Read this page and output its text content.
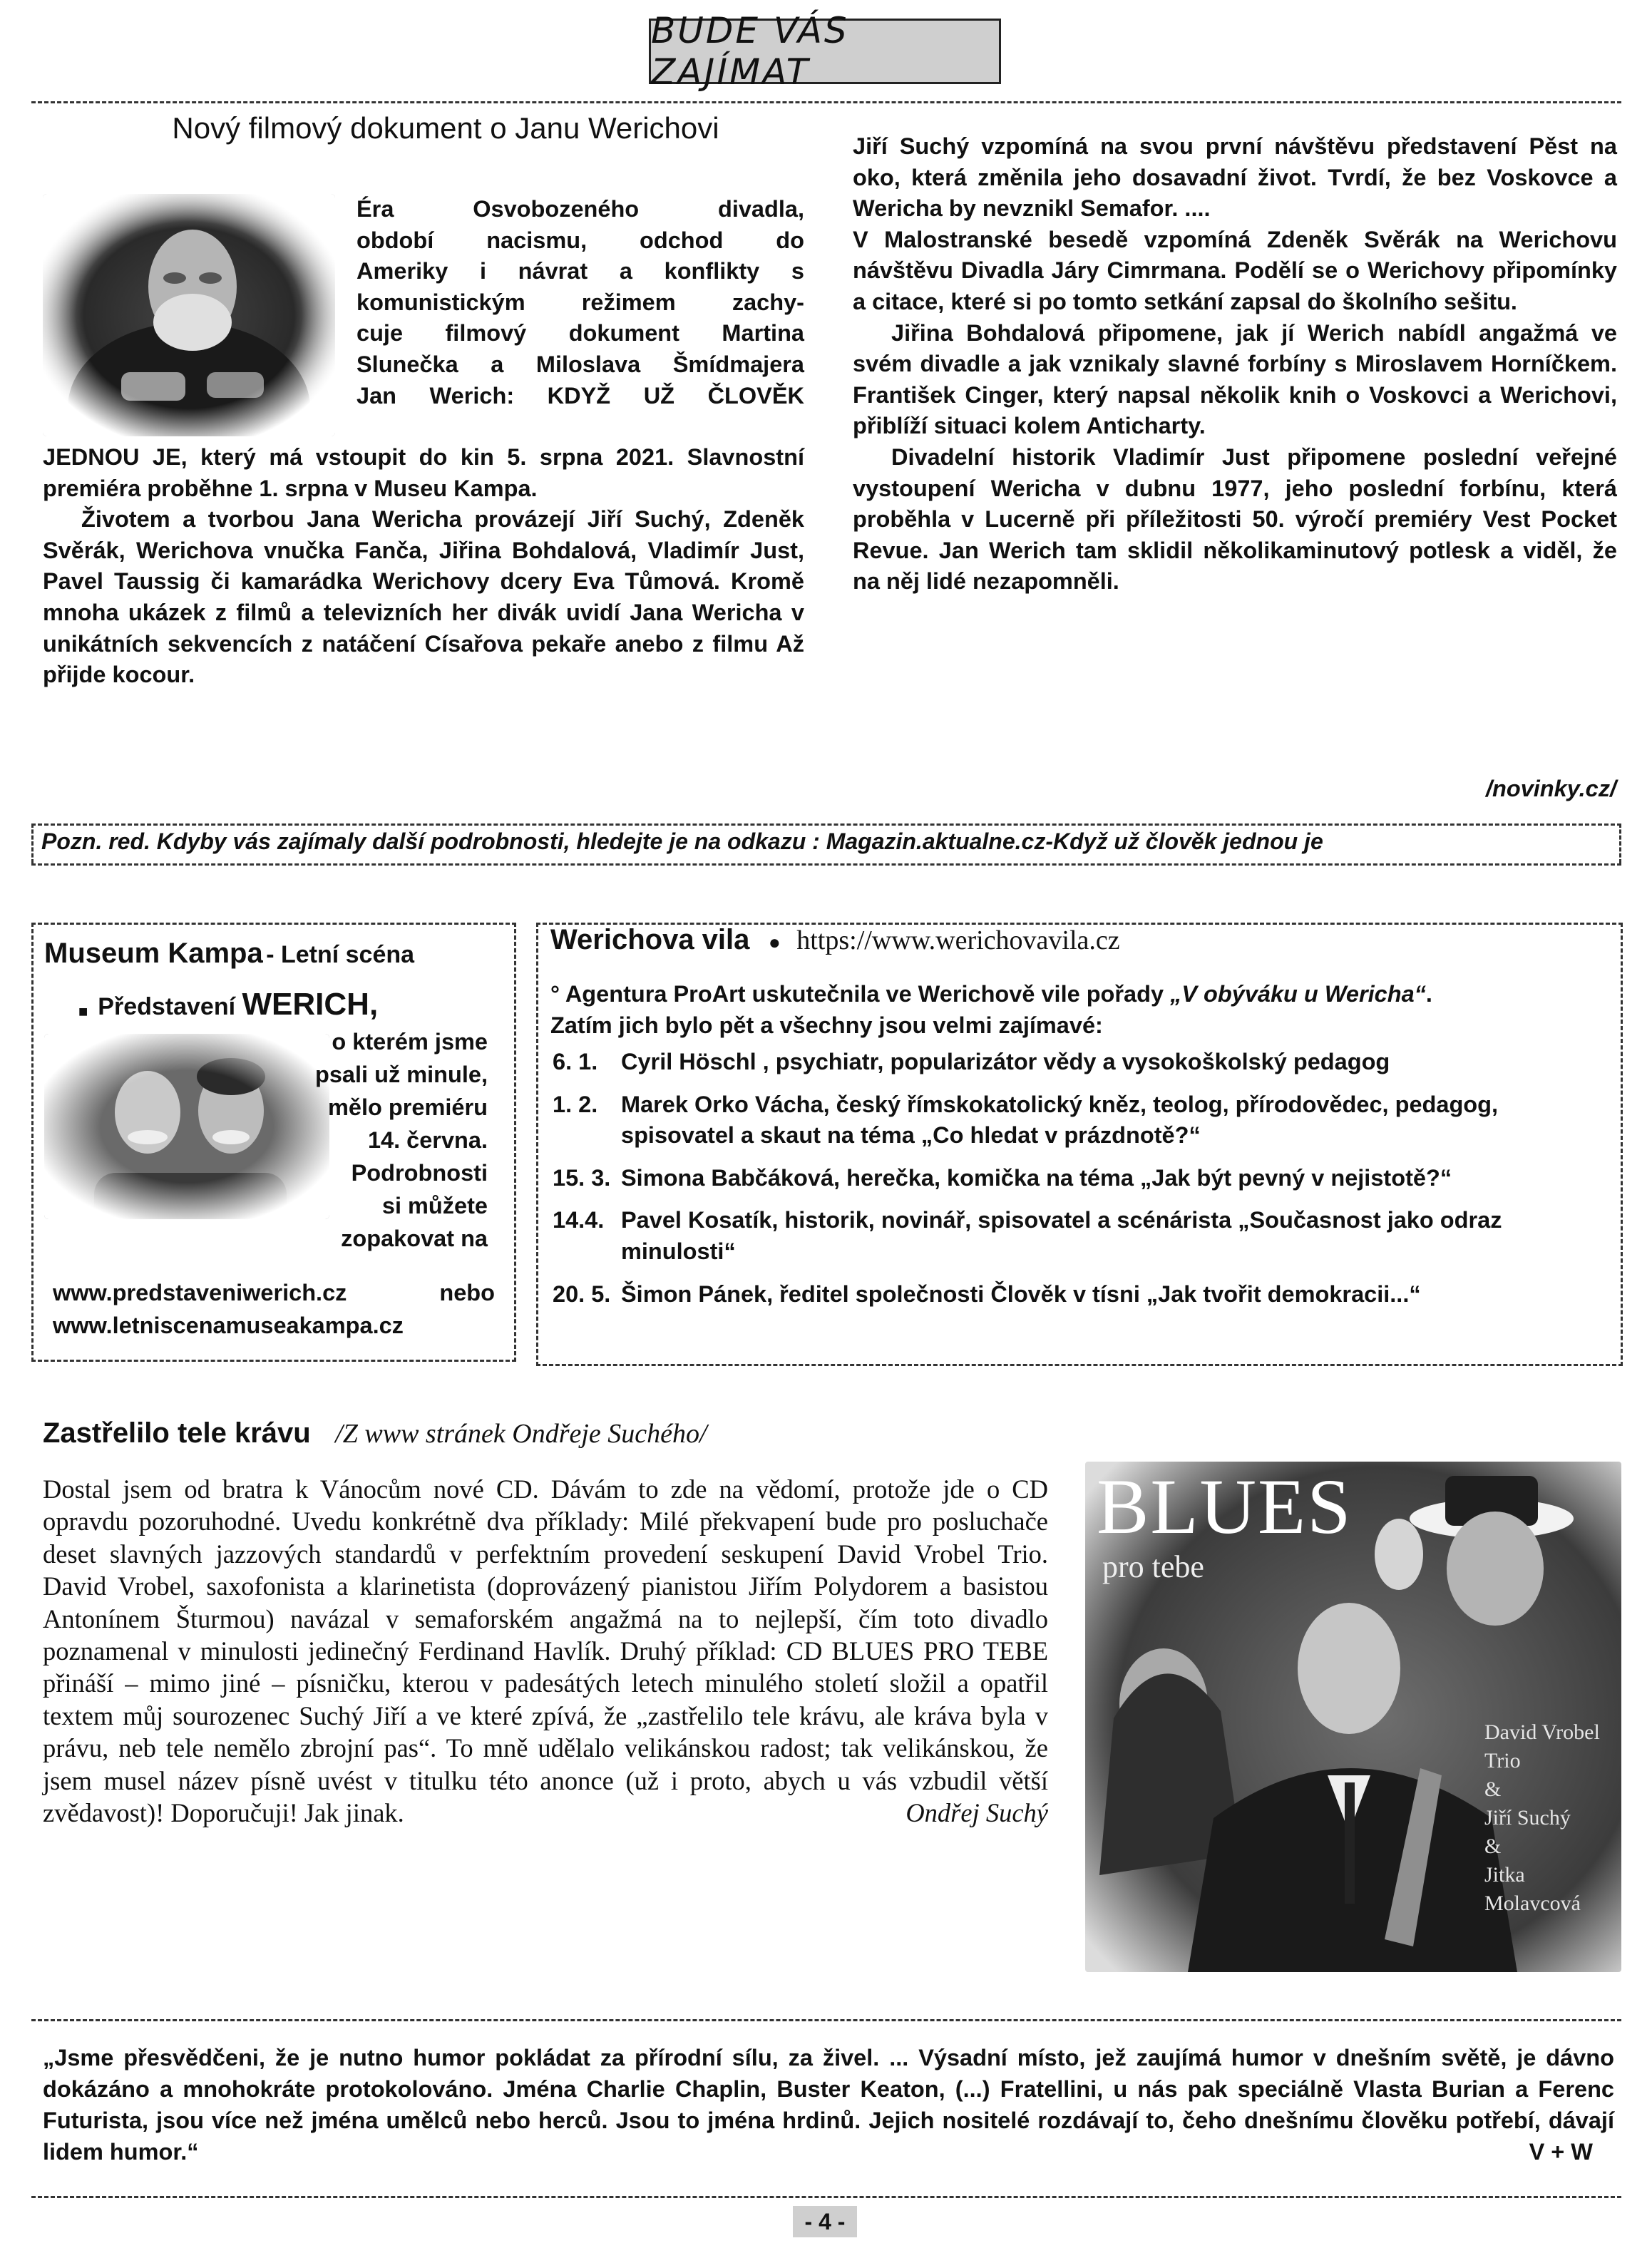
BUDE VÁS ZAJÍMAT
Nový filmový dokument o Janu Werichovi
Éra Osvobozeného divadla,
období nacismu, odchod do
Ameriky i návrat a konflikty s
komunistickým režimem zachy-
cuje filmový dokument Martina
Slunečka a Miloslava Šmídmajera
Jan Werich: KDYŽ UŽ ČLOVĚK
JEDNOU JE, který má vstoupit do kin 5. srpna 2021. Slavnostní premiéra proběhne 1. srpna v Museu Kampa.
Životem a tvorbou Jana Wericha provázejí Jiří Suchý, Zdeněk Svěrák, Werichova vnučka Fanča, Jiřina Bohdalová, Vladimír Just, Pavel Taussig či kamarádka Werichovy dcery Eva Tůmová. Kromě mnoha ukázek z filmů a televizních her divák uvidí Jana Wericha v unikátních sekvencích z natáčení Císařova pekaře anebo z filmu Až přijde kocour.
Jiří Suchý vzpomíná na svou první návštěvu představení Pěst na oko, která změnila jeho dosavadní život. Tvrdí, že bez Voskovce a Wericha by nevznikl Semafor. ....
V Malostranské besedě vzpomíná Zdeněk Svěrák na Werichovu návštěvu Divadla Járy Cimrmana. Podělí se o Werichovy připomínky a citace, které si po tomto setkání zapsal do školního sešitu.
Jiřina Bohdalová připomene, jak jí Werich nabídl angažmá ve svém divadle a jak vznikaly slavné forbíny s Miroslavem Horníčkem. František Cinger, který napsal několik knih o Voskovci a Werichovi, přiblíží situaci kolem Anticharty.
Divadelní historik Vladimír Just připomene poslední veřejné vystoupení Wericha v dubnu 1977, jeho poslední forbínu, která proběhla v Lucerně při příležitosti 50. výročí premiéry Vest Pocket Revue. Jan Werich tam sklidil několikaminutový potlesk a viděl, že na něj lidé nezapomněli.
/novinky.cz/
Pozn. red. Kdyby vás zajímaly další podrobnosti, hledejte je na odkazu : Magazin.aktualne.cz-Když už člověk jednou je
Museum Kampa - Letní scéna
■ Představení WERICH,
o kterém jsme
psali už minule,
mělo premiéru
14. června.
Podrobnosti
si můžete
zopakovat na
www.predstaveniwerich.cz nebo
www.letniscenamuseakampa.cz
Werichova vila ● https://www.werichovavila.cz
° Agentura ProArt uskutečnila ve Werichově vile pořady „V obýváku u Wericha“.
Zatím jich bylo pět a všechny jsou velmi zajímavé:
6. 1.	Cyril Höschl , psychiatr, popularizátor vědy a vysokoškolský pedagog
1. 2.	Marek Orko Vácha, český římskokatolický kněz, teolog, přírodovědec, pedagog, spisovatel a skaut na téma „Co hledat v prázdnotě?“
15. 3. Simona Babčáková, herečka, komička na téma „Jak být pevný v nejistotě?“
14.4. Pavel Kosatík, historik, novinář, spisovatel a scénárista „Současnost jako odraz minulosti“
20. 5. Šimon Pánek, ředitel společnosti Člověk v tísni „Jak tvořit demokracii...“
Zastřelilo tele krávu /Z www stránek Ondřeje Suchého/
Dostal jsem od bratra k Vánocům nové CD. Dávám to zde na vědomí, protože jde o CD opravdu pozoruhodné. Uvedu konkrétně dva příklady: Milé překvapení bude pro posluchače deset slavných jazzových standardů v perfektním provedení seskupení David Vrobel Trio. David Vrobel, saxofonista a klarinetista (doprovázený pianistou Jiřím Polydorem a basistou Antonínem Šturmou) navázal v semaforském angažmá na to nejlepší, čím toto divadlo poznamenal v minulosti jedinečný Ferdinand Havlík. Druhý příklad: CD BLUES PRO TEBE přináší – mimo jiné – písničku, kterou v padesátých letech minulého století složil a opatřil textem můj sourozenec Suchý Jiří a ve které zpívá, že „zastřelilo tele krávu, ale kráva byla v právu, neb tele nemělo zbrojní pas“. To mně udělalo velikánskou radost; tak velikánskou, že jsem musel název písně uvést v titulku této anonce (už i proto, abych u vás vzbudil větší zvědavost)! Doporučuji! Jak jinak.	Ondřej Suchý
BLUES
pro tebe
David Vrobel
Trio
&
Jiří Suchý
&
Jitka
Molavcová
„Jsme přesvědčeni, že je nutno humor pokládat za přírodní sílu, za živel. ... Výsadní místo, jež zaujímá humor v dnešním světě, je dávno dokázáno a mnohokráte protokolováno. Jména Charlie Chaplin, Buster Keaton, (...) Fratellini, u nás pak speciálně Vlasta Burian a Ferenc Futurista, jsou více než jména umělců nebo herců. Jsou to jména hrdinů. Jejich nositelé rozdávají to, čeho dnešnímu člověku potřebí, dávají lidem humor.“	V + W
- 4 -
